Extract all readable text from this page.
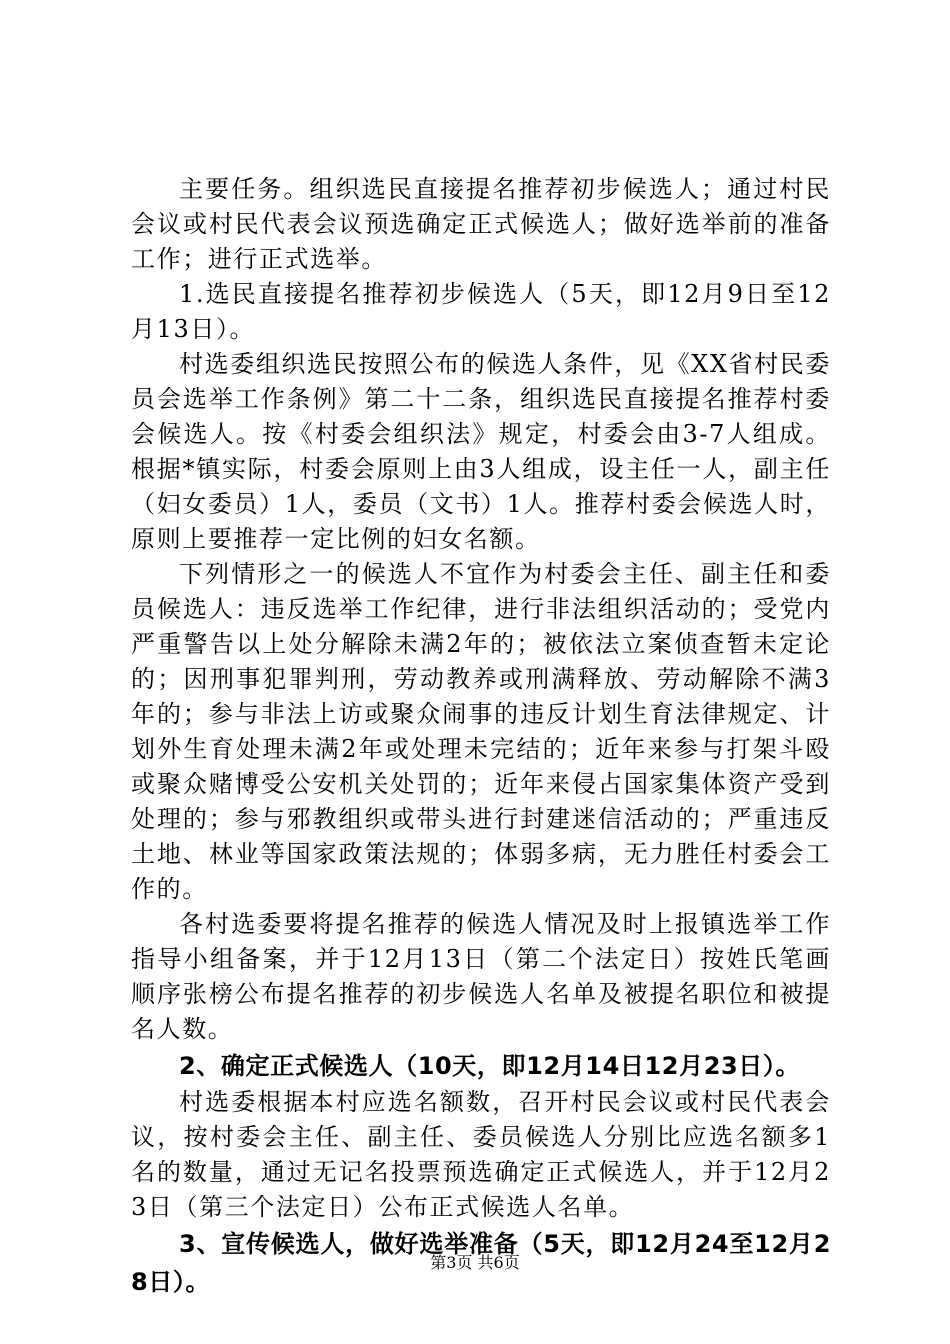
主要任务。组织选民直接提名推荐初步候选人；通过村民会议或村民代表会议预选确定正式候选人；做好选举前的准备工作；进行正式选举。

1.选民直接提名推荐初步候选人（5天，即12月9日至12月13日）。

村选委组织选民按照公布的候选人条件，见《XX省村民委员会选举工作条例》第二十二条，组织选民直接提名推荐村委会候选人。按《村委会组织法》规定，村委会由3-7人组成。根据*镇实际，村委会原则上由3人组成，设主任一人，副主任（妇女委员）1人，委员（文书）1人。推荐村委会候选人时，原则上要推荐一定比例的妇女名额。

下列情形之一的候选人不宜作为村委会主任、副主任和委员候选人：违反选举工作纪律，进行非法组织活动的；受党内严重警告以上处分解除未满2年的；被依法立案侦查暂未定论的；因刑事犯罪判刑，劳动教养或刑满释放、劳动解除不满3年的；参与非法上访或聚众闹事的违反计划生育法律规定、计划外生育处理未满2年或处理未完结的；近年来参与打架斗殴或聚众赌博受公安机关处罚的；近年来侵占国家集体资产受到处理的；参与邪教组织或带头进行封建迷信活动的；严重违反土地、林业等国家政策法规的；体弱多病，无力胜任村委会工作的。

各村选委要将提名推荐的候选人情况及时上报镇选举工作指导小组备案，并于12月13日（第二个法定日）按姓氏笔画顺序张榜公布提名推荐的初步候选人名单及被提名职位和被提名人数。

2、确定正式候选人（10天，即12月14日12月23日）。

村选委根据本村应选名额数，召开村民会议或村民代表会议，按村委会主任、副主任、委员候选人分别比应选名额多1名的数量，通过无记名投票预选确定正式候选人，并于12月23日（第三个法定日）公布正式候选人名单。

3、宣传候选人，做好选举准备（5天，即12月24至12月28日）。

第3页 共6页
